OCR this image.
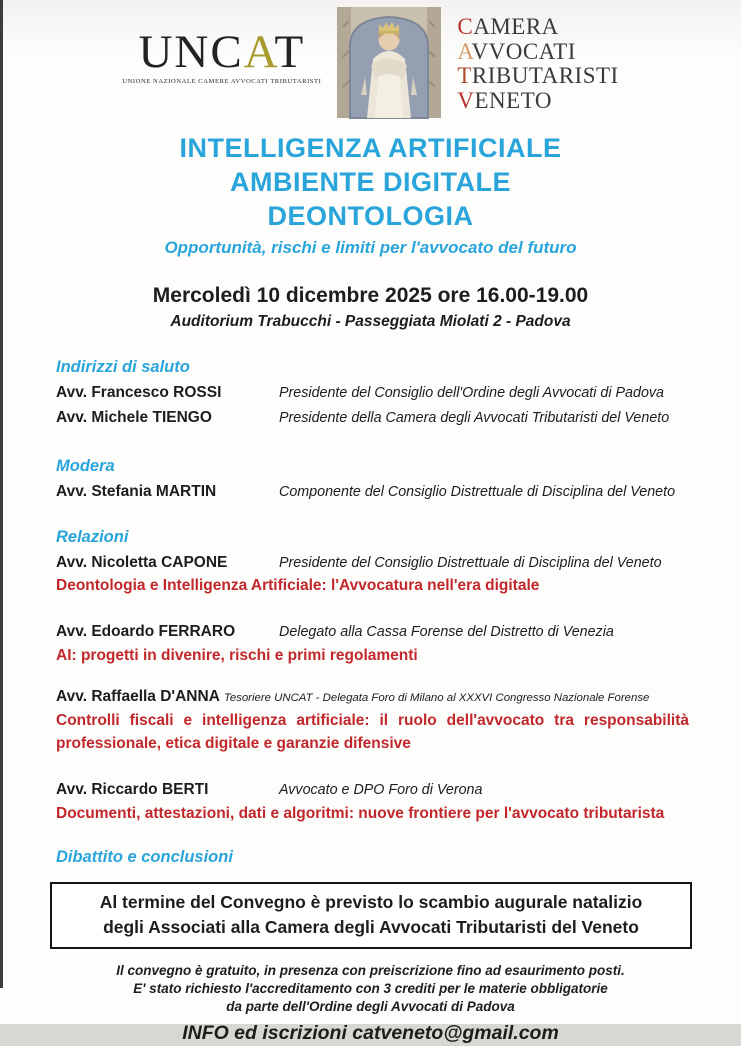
UNCAT
UNIONE NAZIONALE CAMERE AVVOCATI TRIBUTARISTI
CAMERA
AVVOCATI
TRIBUTARISTI
VENETO
INTELLIGENZA ARTIFICIALE
AMBIENTE DIGITALE
DEONTOLOGIA
Opportunità, rischi e limiti per l'avvocato del futuro
Mercoledì 10 dicembre 2025 ore 16.00-19.00
Auditorium Trabucchi - Passeggiata Miolati 2 - Padova
Indirizzi di saluto
Avv. Francesco ROSSI	Presidente del Consiglio dell'Ordine degli Avvocati di Padova
Avv. Michele TIENGO	Presidente della Camera degli Avvocati Tributaristi del Veneto
Modera
Avv. Stefania MARTIN	Componente del Consiglio Distrettuale di Disciplina del Veneto
Relazioni
Avv. Nicoletta CAPONE	Presidente del Consiglio Distrettuale di Disciplina del Veneto
Deontologia e Intelligenza Artificiale: l'Avvocatura nell'era digitale
Avv. Edoardo FERRARO	Delegato alla Cassa Forense del Distretto di Venezia
AI: progetti in divenire, rischi e primi regolamenti
Avv. Raffaella D'ANNA Tesoriere UNCAT - Delegata Foro di Milano al XXXVI Congresso Nazionale Forense
Controlli fiscali e intelligenza artificiale: il ruolo dell'avvocato tra responsabilità professionale, etica digitale e garanzie difensive
Avv. Riccardo BERTI	Avvocato e DPO Foro di Verona
Documenti, attestazioni, dati e algoritmi: nuove frontiere per l'avvocato tributarista
Dibattito e conclusioni
Al termine del Convegno è previsto lo scambio augurale natalizio degli Associati alla Camera degli Avvocati Tributaristi del Veneto
Il convegno è gratuito, in presenza con preiscrizione fino ad esaurimento posti.
E' stato richiesto l'accreditamento con 3 crediti per le materie obbligatorie
da parte dell'Ordine degli Avvocati di Padova
INFO ed iscrizioni catveneto@gmail.com
